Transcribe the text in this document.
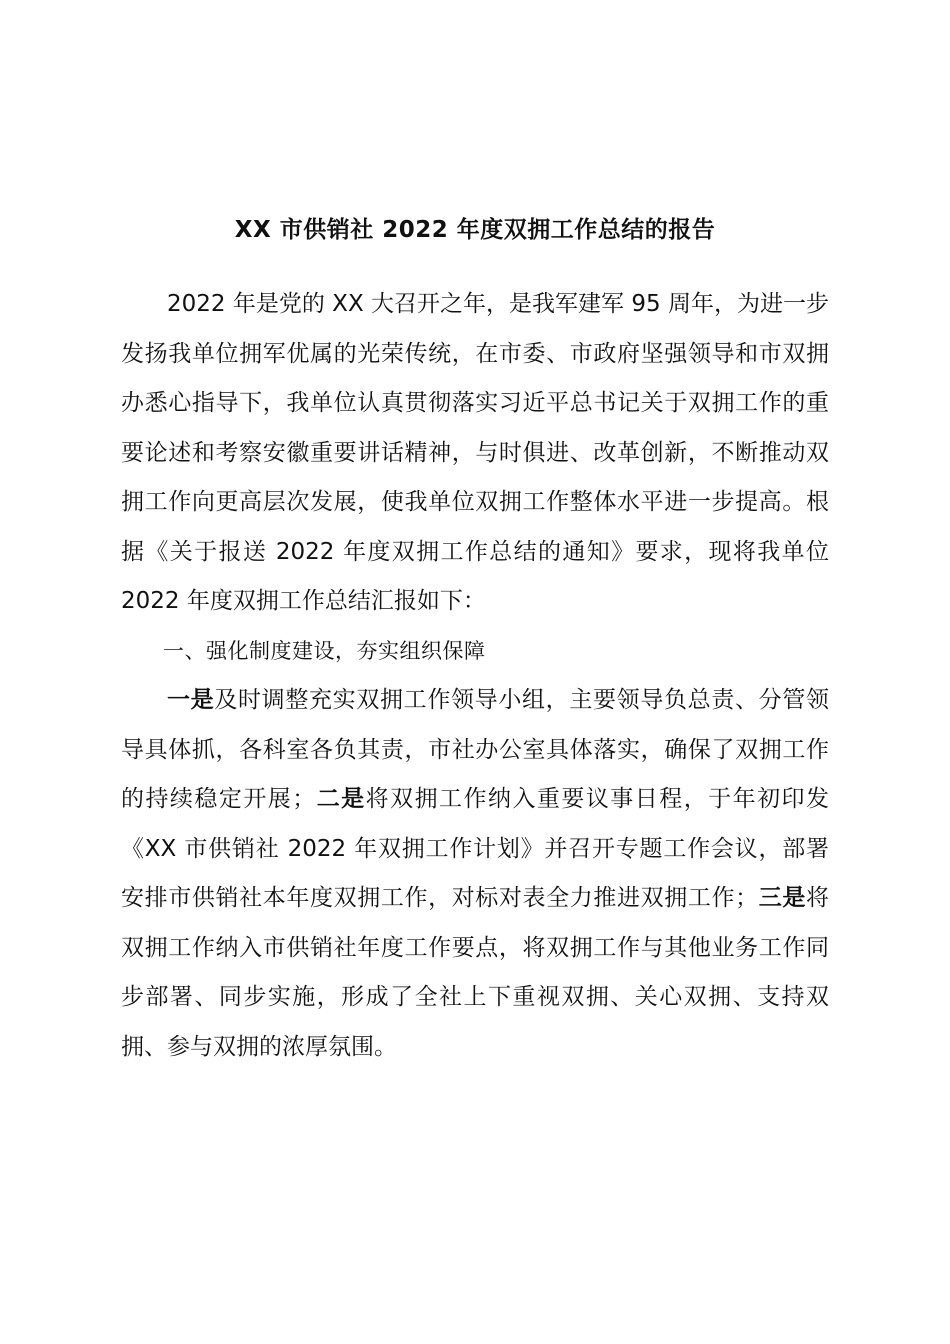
XX 市供销社 2022 年度双拥工作总结的报告

2022 年是党的 XX 大召开之年，是我军建军 95 周年，为进一步发扬我单位拥军优属的光荣传统，在市委、市政府坚强领导和市双拥办悉心指导下，我单位认真贯彻落实习近平总书记关于双拥工作的重要论述和考察安徽重要讲话精神，与时俱进、改革创新，不断推动双拥工作向更高层次发展，使我单位双拥工作整体水平进一步提高。根据《关于报送 2022 年度双拥工作总结的通知》要求，现将我单位 2022 年度双拥工作总结汇报如下：

一、强化制度建设，夯实组织保障

一是及时调整充实双拥工作领导小组，主要领导负总责、分管领导具体抓，各科室各负其责，市社办公室具体落实，确保了双拥工作的持续稳定开展；二是将双拥工作纳入重要议事日程，于年初印发《XX 市供销社 2022 年双拥工作计划》并召开专题工作会议，部署安排市供销社本年度双拥工作，对标对表全力推进双拥工作；三是将双拥工作纳入市供销社年度工作要点，将双拥工作与其他业务工作同步部署、同步实施，形成了全社上下重视双拥、关心双拥、支持双拥、参与双拥的浓厚氛围。
